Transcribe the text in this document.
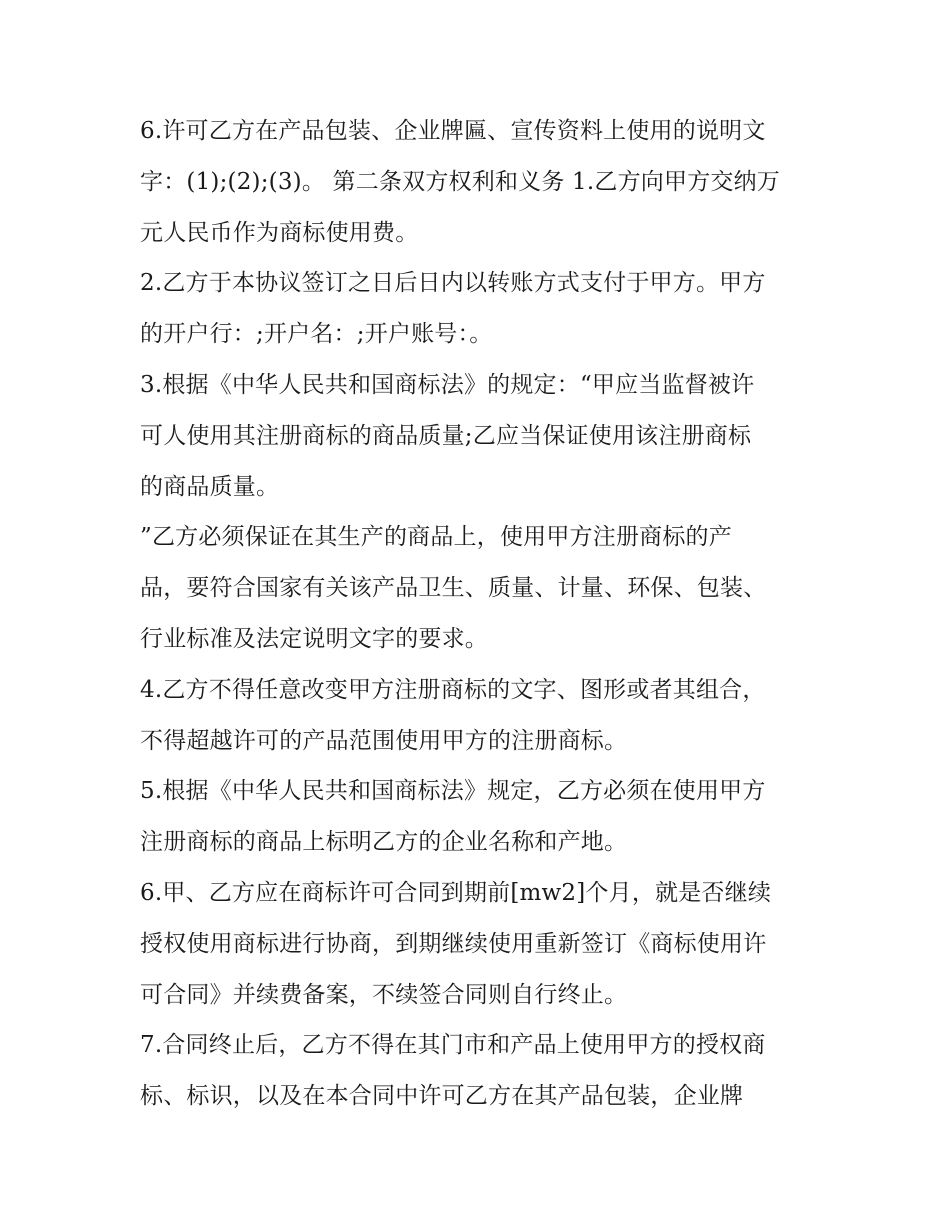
6.许可乙方在产品包装、企业牌匾、宣传资料上使用的说明文
字：(1);(2);(3)。 第二条双方权利和义务 1.乙方向甲方交纳万
元人民币作为商标使用费。
2.乙方于本协议签订之日后日内以转账方式支付于甲方。甲方
的开户行：;开户名：;开户账号：。
3.根据《中华人民共和国商标法》的规定：“甲应当监督被许
可人使用其注册商标的商品质量;乙应当保证使用该注册商标
的商品质量。
”乙方必须保证在其生产的商品上，使用甲方注册商标的产
品，要符合国家有关该产品卫生、质量、计量、环保、包装、
行业标准及法定说明文字的要求。
4.乙方不得任意改变甲方注册商标的文字、图形或者其组合，
不得超越许可的产品范围使用甲方的注册商标。
5.根据《中华人民共和国商标法》规定，乙方必须在使用甲方
注册商标的商品上标明乙方的企业名称和产地。
6.甲、乙方应在商标许可合同到期前[mw2]个月，就是否继续
授权使用商标进行协商，到期继续使用重新签订《商标使用许
可合同》并续费备案，不续签合同则自行终止。
7.合同终止后，乙方不得在其门市和产品上使用甲方的授权商
标、标识，以及在本合同中许可乙方在其产品包装，企业牌
